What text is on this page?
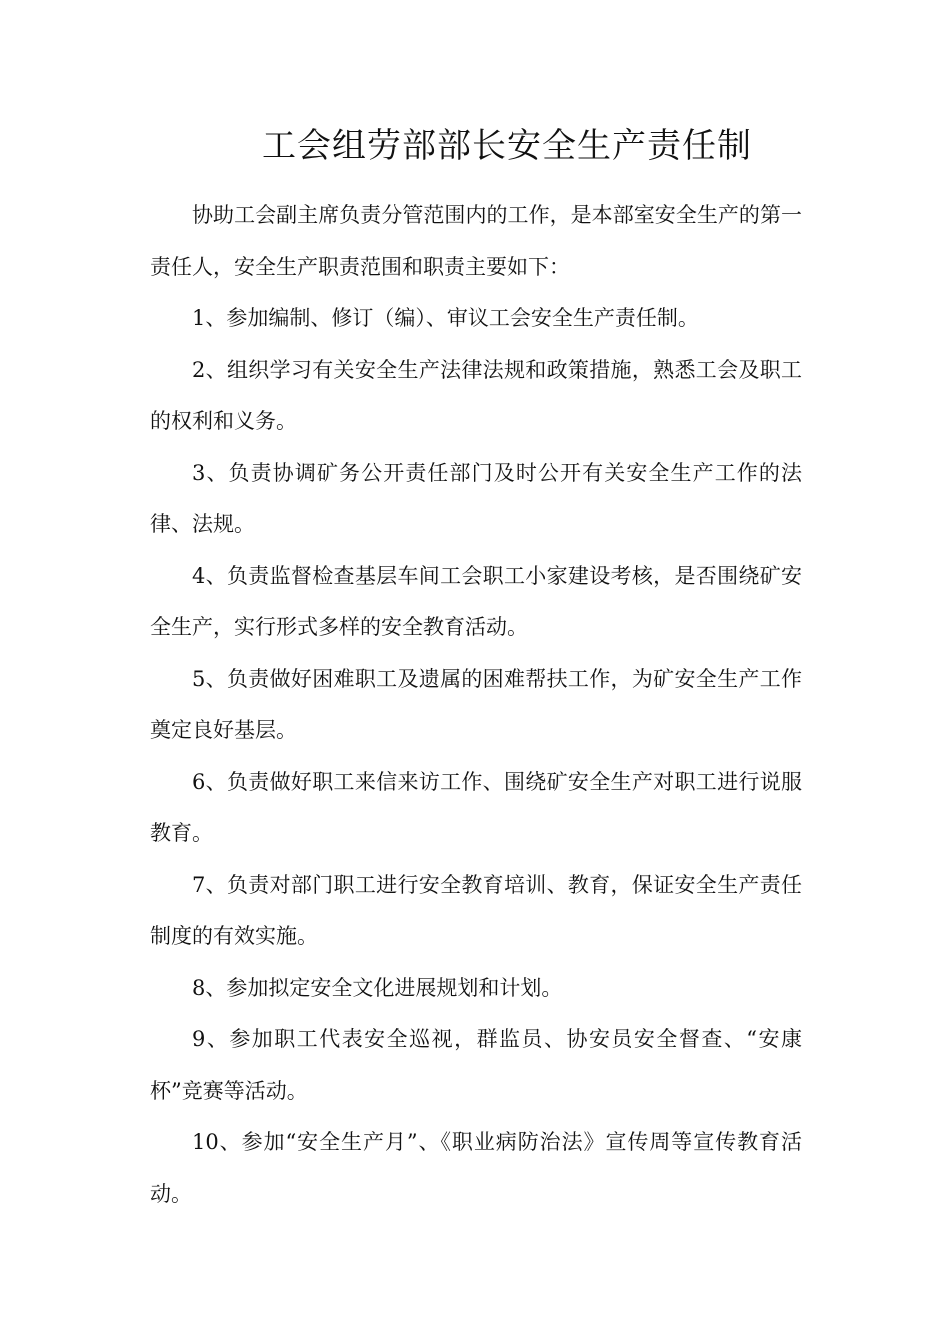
工会组劳部部长安全生产责任制

协助工会副主席负责分管范围内的工作，是本部室安全生产的第一责任人，安全生产职责范围和职责主要如下：

1、参加编制、修订（编）、审议工会安全生产责任制。

2、组织学习有关安全生产法律法规和政策措施，熟悉工会及职工的权利和义务。

3、负责协调矿务公开责任部门及时公开有关安全生产工作的法律、法规。

4、负责监督检查基层车间工会职工小家建设考核，是否围绕矿安全生产，实行形式多样的安全教育活动。

5、负责做好困难职工及遗属的困难帮扶工作，为矿安全生产工作奠定良好基层。

6、负责做好职工来信来访工作、围绕矿安全生产对职工进行说服教育。

7、负责对部门职工进行安全教育培训、教育，保证安全生产责任制度的有效实施。

8、参加拟定安全文化进展规划和计划。

9、参加职工代表安全巡视，群监员、协安员安全督查、“安康杯”竞赛等活动。

10、参加“安全生产月”、《职业病防治法》宣传周等宣传教育活动。
